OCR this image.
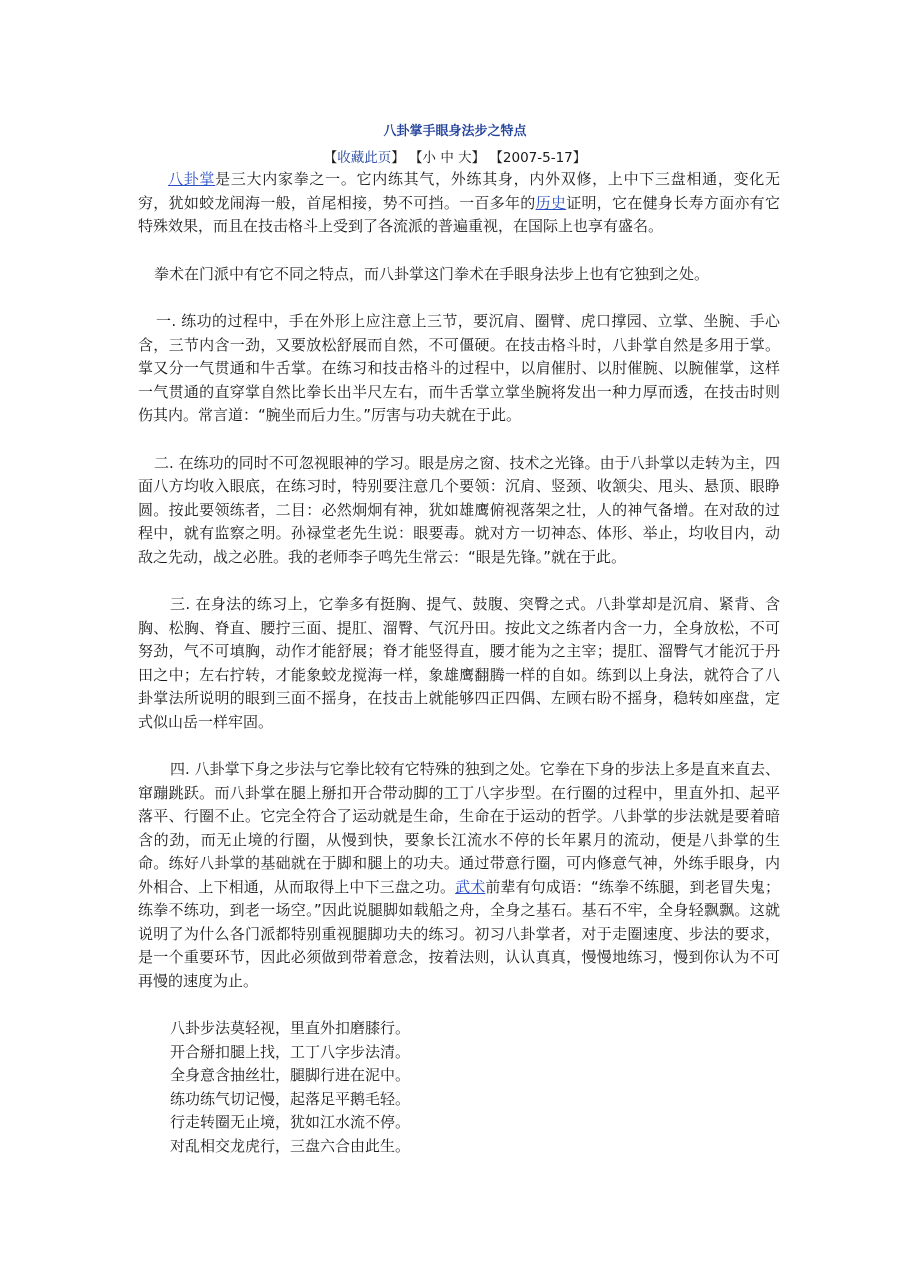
八卦掌手眼身法步之特点
【收藏此页】 【小 中 大】 【2007-5-17】

八卦掌是三大内家拳之一。它内练其气，外练其身，内外双修，上中下三盘相通，变化无穷，犹如蛟龙闹海一般，首尾相接，势不可挡。一百多年的历史证明，它在健身长寿方面亦有它特殊效果，而且在技击格斗上受到了各流派的普遍重视，在国际上也享有盛名。

拳术在门派中有它不同之特点，而八卦掌这门拳术在手眼身法步上也有它独到之处。

一. 练功的过程中，手在外形上应注意上三节，要沉肩、圈臂、虎口撑园、立掌、坐腕、手心含，三节内含一劲，又要放松舒展而自然，不可僵硬。在技击格斗时，八卦掌自然是多用于掌。掌又分一气贯通和牛舌掌。在练习和技击格斗的过程中，以肩催肘、以肘催腕、以腕催掌，这样一气贯通的直穿掌自然比拳长出半尺左右，而牛舌掌立掌坐腕将发出一种力厚而透，在技击时则伤其内。常言道：“腕坐而后力生。”厉害与功夫就在于此。

二. 在练功的同时不可忽视眼神的学习。眼是房之窗、技术之光锋。由于八卦掌以走转为主，四面八方均收入眼底，在练习时，特别要注意几个要领：沉肩、竖颈、收颔尖、甩头、悬顶、眼睁圆。按此要领练者，二目：必然炯炯有神，犹如雄鹰俯视落架之壮，人的神气备增。在对敌的过程中，就有监察之明。孙禄堂老先生说：眼要毒。就对方一切神态、体形、举止，均收目内，动敌之先动，战之必胜。我的老师李子鸣先生常云：“眼是先锋。”就在于此。

三. 在身法的练习上，它拳多有挺胸、提气、鼓腹、突臀之式。八卦掌却是沉肩、紧背、含胸、松胸、脊直、腰拧三面、提肛、溜臀、气沉丹田。按此文之练者内含一力，全身放松，不可努劲，气不可填胸，动作才能舒展；脊才能竖得直，腰才能为之主宰；提肛、溜臀气才能沉于丹田之中；左右拧转，才能象蛟龙搅海一样，象雄鹰翻腾一样的自如。练到以上身法，就符合了八卦掌法所说明的眼到三面不摇身，在技击上就能够四正四偶、左顾右盼不摇身，稳转如座盘，定式似山岳一样牢固。

四. 八卦掌下身之步法与它拳比较有它特殊的独到之处。它拳在下身的步法上多是直来直去、窜蹦跳跃。而八卦掌在腿上掰扣开合带动脚的工丁八字步型。在行圈的过程中，里直外扣、起平落平、行圈不止。它完全符合了运动就是生命，生命在于运动的哲学。八卦掌的步法就是要着暗含的劲，而无止境的行圈，从慢到快，要象长江流水不停的长年累月的流动，便是八卦掌的生命。练好八卦掌的基础就在于脚和腿上的功夫。通过带意行圈，可内修意气神，外练手眼身，内外相合、上下相通，从而取得上中下三盘之功。武术前辈有句成语：“练拳不练腿，到老冒失鬼；练拳不练功，到老一场空。”因此说腿脚如载船之舟，全身之基石。基石不牢，全身轻飘飘。这就说明了为什么各门派都特别重视腿脚功夫的练习。初习八卦掌者，对于走圈速度、步法的要求，是一个重要环节，因此必须做到带着意念，按着法则，认认真真，慢慢地练习，慢到你认为不可再慢的速度为止。

八卦步法莫轻视，里直外扣磨膝行。
开合掰扣腿上找，工丁八字步法清。
全身意含抽丝壮，腿脚行进在泥中。
练功练气切记慢，起落足平鹅毛轻。
行走转圈无止境，犹如江水流不停。
对乱相交龙虎行，三盘六合由此生。
